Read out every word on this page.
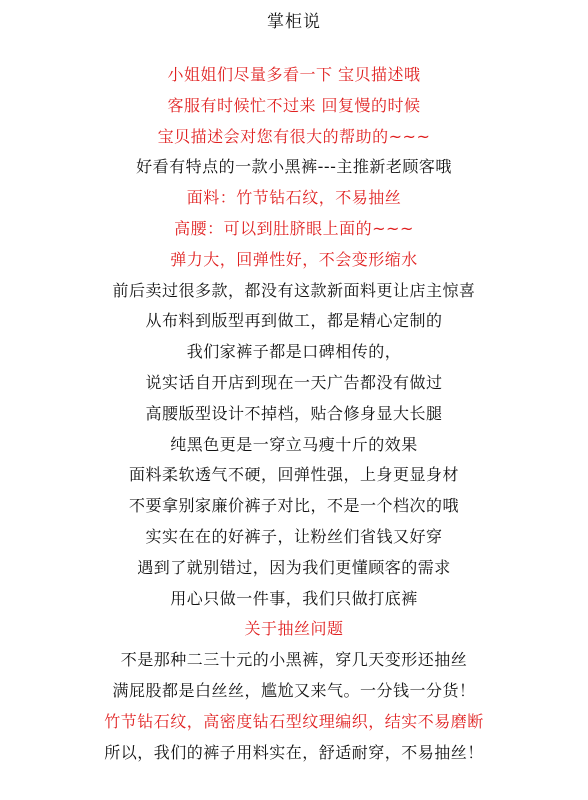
掌柜说
小姐姐们尽量多看一下 宝贝描述哦
客服有时候忙不过来 回复慢的时候
宝贝描述会对您有很大的帮助的~~~
好看有特点的一款小黑裤---主推新老顾客哦
面料：竹节钻石纹，不易抽丝
高腰：可以到肚脐眼上面的~~~
弹力大，回弹性好，不会变形缩水
前后卖过很多款，都没有这款新面料更让店主惊喜
从布料到版型再到做工，都是精心定制的
我们家裤子都是口碑相传的，
说实话自开店到现在一天广告都没有做过
高腰版型设计不掉档，贴合修身显大长腿
纯黑色更是一穿立马瘦十斤的效果
面料柔软透气不硬，回弹性强，上身更显身材
不要拿别家廉价裤子对比，不是一个档次的哦
实实在在的好裤子，让粉丝们省钱又好穿
遇到了就别错过，因为我们更懂顾客的需求
用心只做一件事，我们只做打底裤
关于抽丝问题
不是那种二三十元的小黑裤，穿几天变形还抽丝
满屁股都是白丝丝，尴尬又来气。一分钱一分货！
竹节钻石纹，高密度钻石型纹理编织，结实不易磨断
所以，我们的裤子用料实在，舒适耐穿，不易抽丝！
